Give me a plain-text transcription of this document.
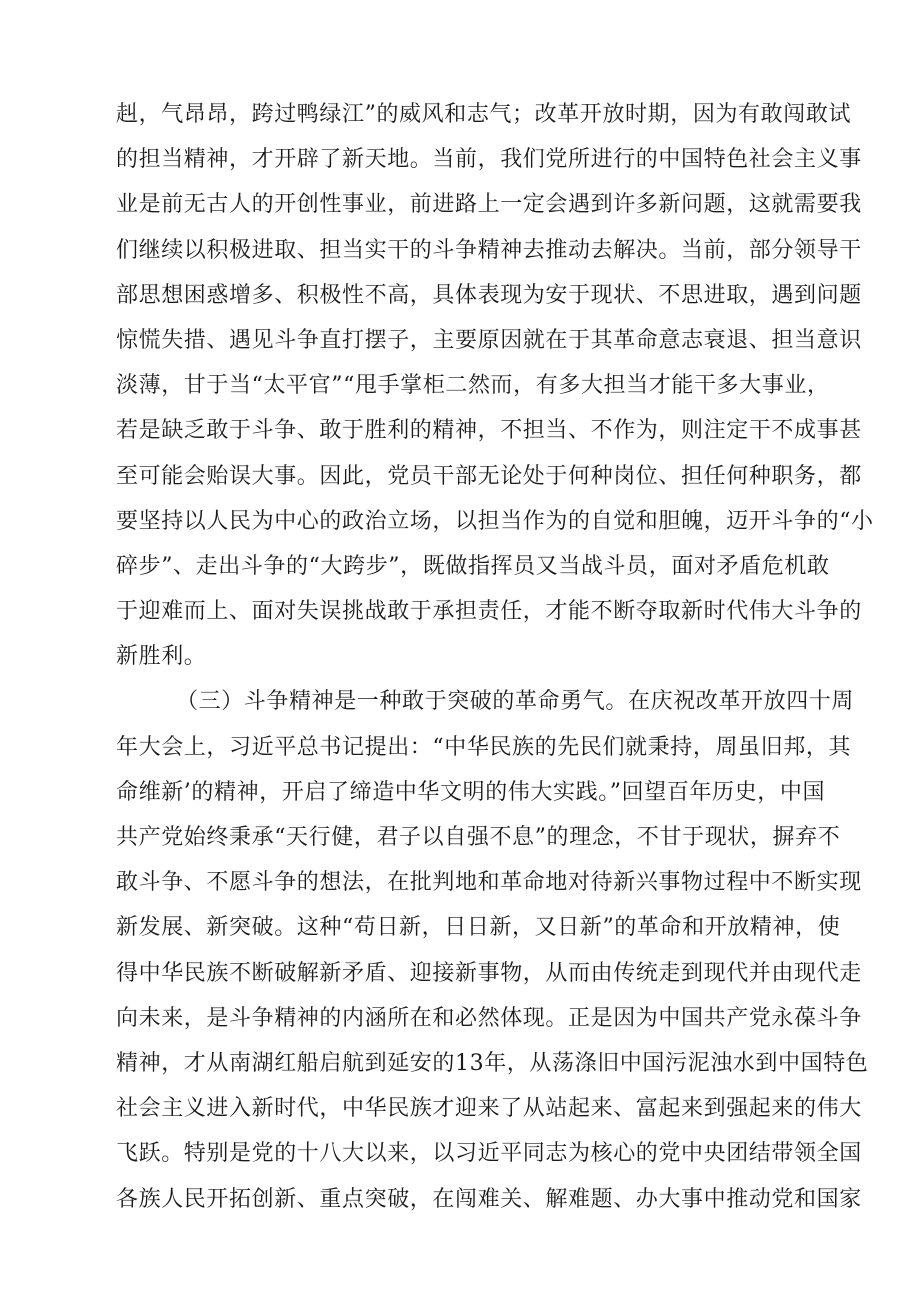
赳，气昂昂，跨过鸭绿江”的威风和志气；改革开放时期，因为有敢闯敢试
的担当精神，才开辟了新天地。当前，我们党所进行的中国特色社会主义事
业是前无古人的开创性事业，前进路上一定会遇到许多新问题，这就需要我
们继续以积极进取、担当实干的斗争精神去推动去解决。当前，部分领导干
部思想困惑增多、积极性不高，具体表现为安于现状、不思进取，遇到问题
惊慌失措、遇见斗争直打摆子，主要原因就在于其革命意志衰退、担当意识
淡薄，甘于当“太平官”“甩手掌柜二然而，有多大担当才能干多大事业，
若是缺乏敢于斗争、敢于胜利的精神，不担当、不作为，则注定干不成事甚
至可能会贻误大事。因此，党员干部无论处于何种岗位、担任何种职务，都
要坚持以人民为中心的政治立场，以担当作为的自觉和胆魄，迈开斗争的“小
碎步”、走出斗争的“大跨步”，既做指挥员又当战斗员，面对矛盾危机敢
于迎难而上、面对失误挑战敢于承担责任，才能不断夺取新时代伟大斗争的
新胜利。
（三）斗争精神是一种敢于突破的革命勇气。在庆祝改革开放四十周
年大会上，习近平总书记提出：“中华民族的先民们就秉持，周虽旧邦，其
命维新’的精神，开启了缔造中华文明的伟大实践。”回望百年历史，中国
共产党始终秉承“天行健，君子以自强不息”的理念，不甘于现状，摒弃不
敢斗争、不愿斗争的想法，在批判地和革命地对待新兴事物过程中不断实现
新发展、新突破。这种“苟日新，日日新，又日新”的革命和开放精神，使
得中华民族不断破解新矛盾、迎接新事物，从而由传统走到现代并由现代走
向未来，是斗争精神的内涵所在和必然体现。正是因为中国共产党永葆斗争
精神，才从南湖红船启航到延安的13年，从荡涤旧中国污泥浊水到中国特色
社会主义进入新时代，中华民族才迎来了从站起来、富起来到强起来的伟大
飞跃。特别是党的十八大以来，以习近平同志为核心的党中央团结带领全国
各族人民开拓创新、重点突破，在闯难关、解难题、办大事中推动党和国家
